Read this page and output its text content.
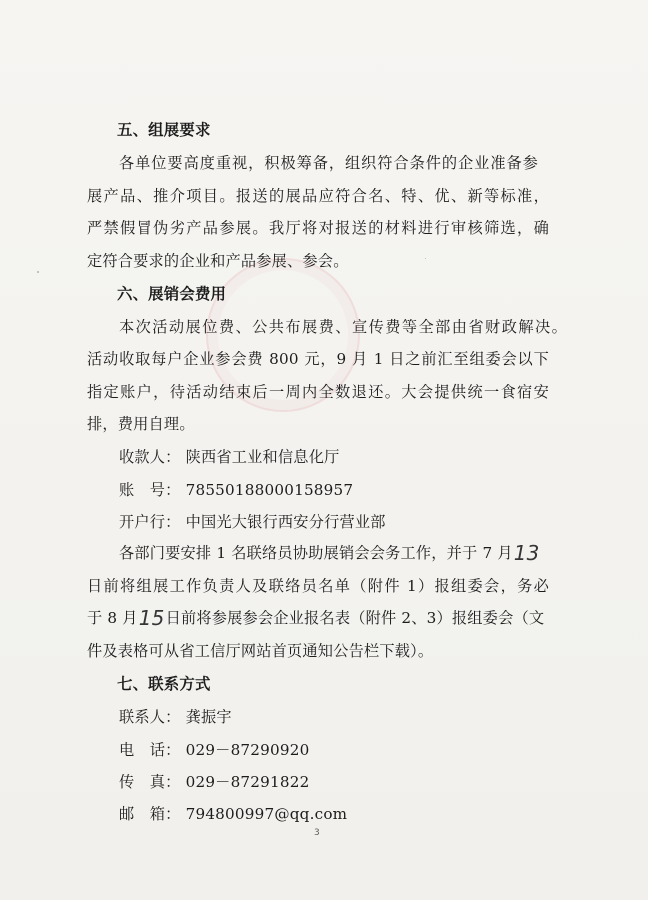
五、组展要求
各单位要高度重视，积极筹备，组织符合条件的企业准备参
展产品、推介项目。报送的展品应符合名、特、优、新等标准，
严禁假冒伪劣产品参展。我厅将对报送的材料进行审核筛选，确
定符合要求的企业和产品参展、参会。
六、展销会费用
本次活动展位费、公共布展费、宣传费等全部由省财政解决。
活动收取每户企业参会费 800 元，9 月 1 日之前汇至组委会以下
指定账户，待活动结束后一周内全数退还。大会提供统一食宿安
排，费用自理。
收款人： 陕西省工业和信息化厅
账　号： 78550188000158957
开户行： 中国光大银行西安分行营业部
各部门要安排 1 名联络员协助展销会会务工作，并于 7 月13
日前将组展工作负责人及联络员名单（附件 1）报组委会，务必
于 8 月15日前将参展参会企业报名表（附件 2、3）报组委会（文
件及表格可从省工信厅网站首页通知公告栏下载）。
七、联系方式
联系人： 龚振宇
电　话： 029－87290920
传　真： 029－87291822
邮　箱： 794800997@qq.com
3
